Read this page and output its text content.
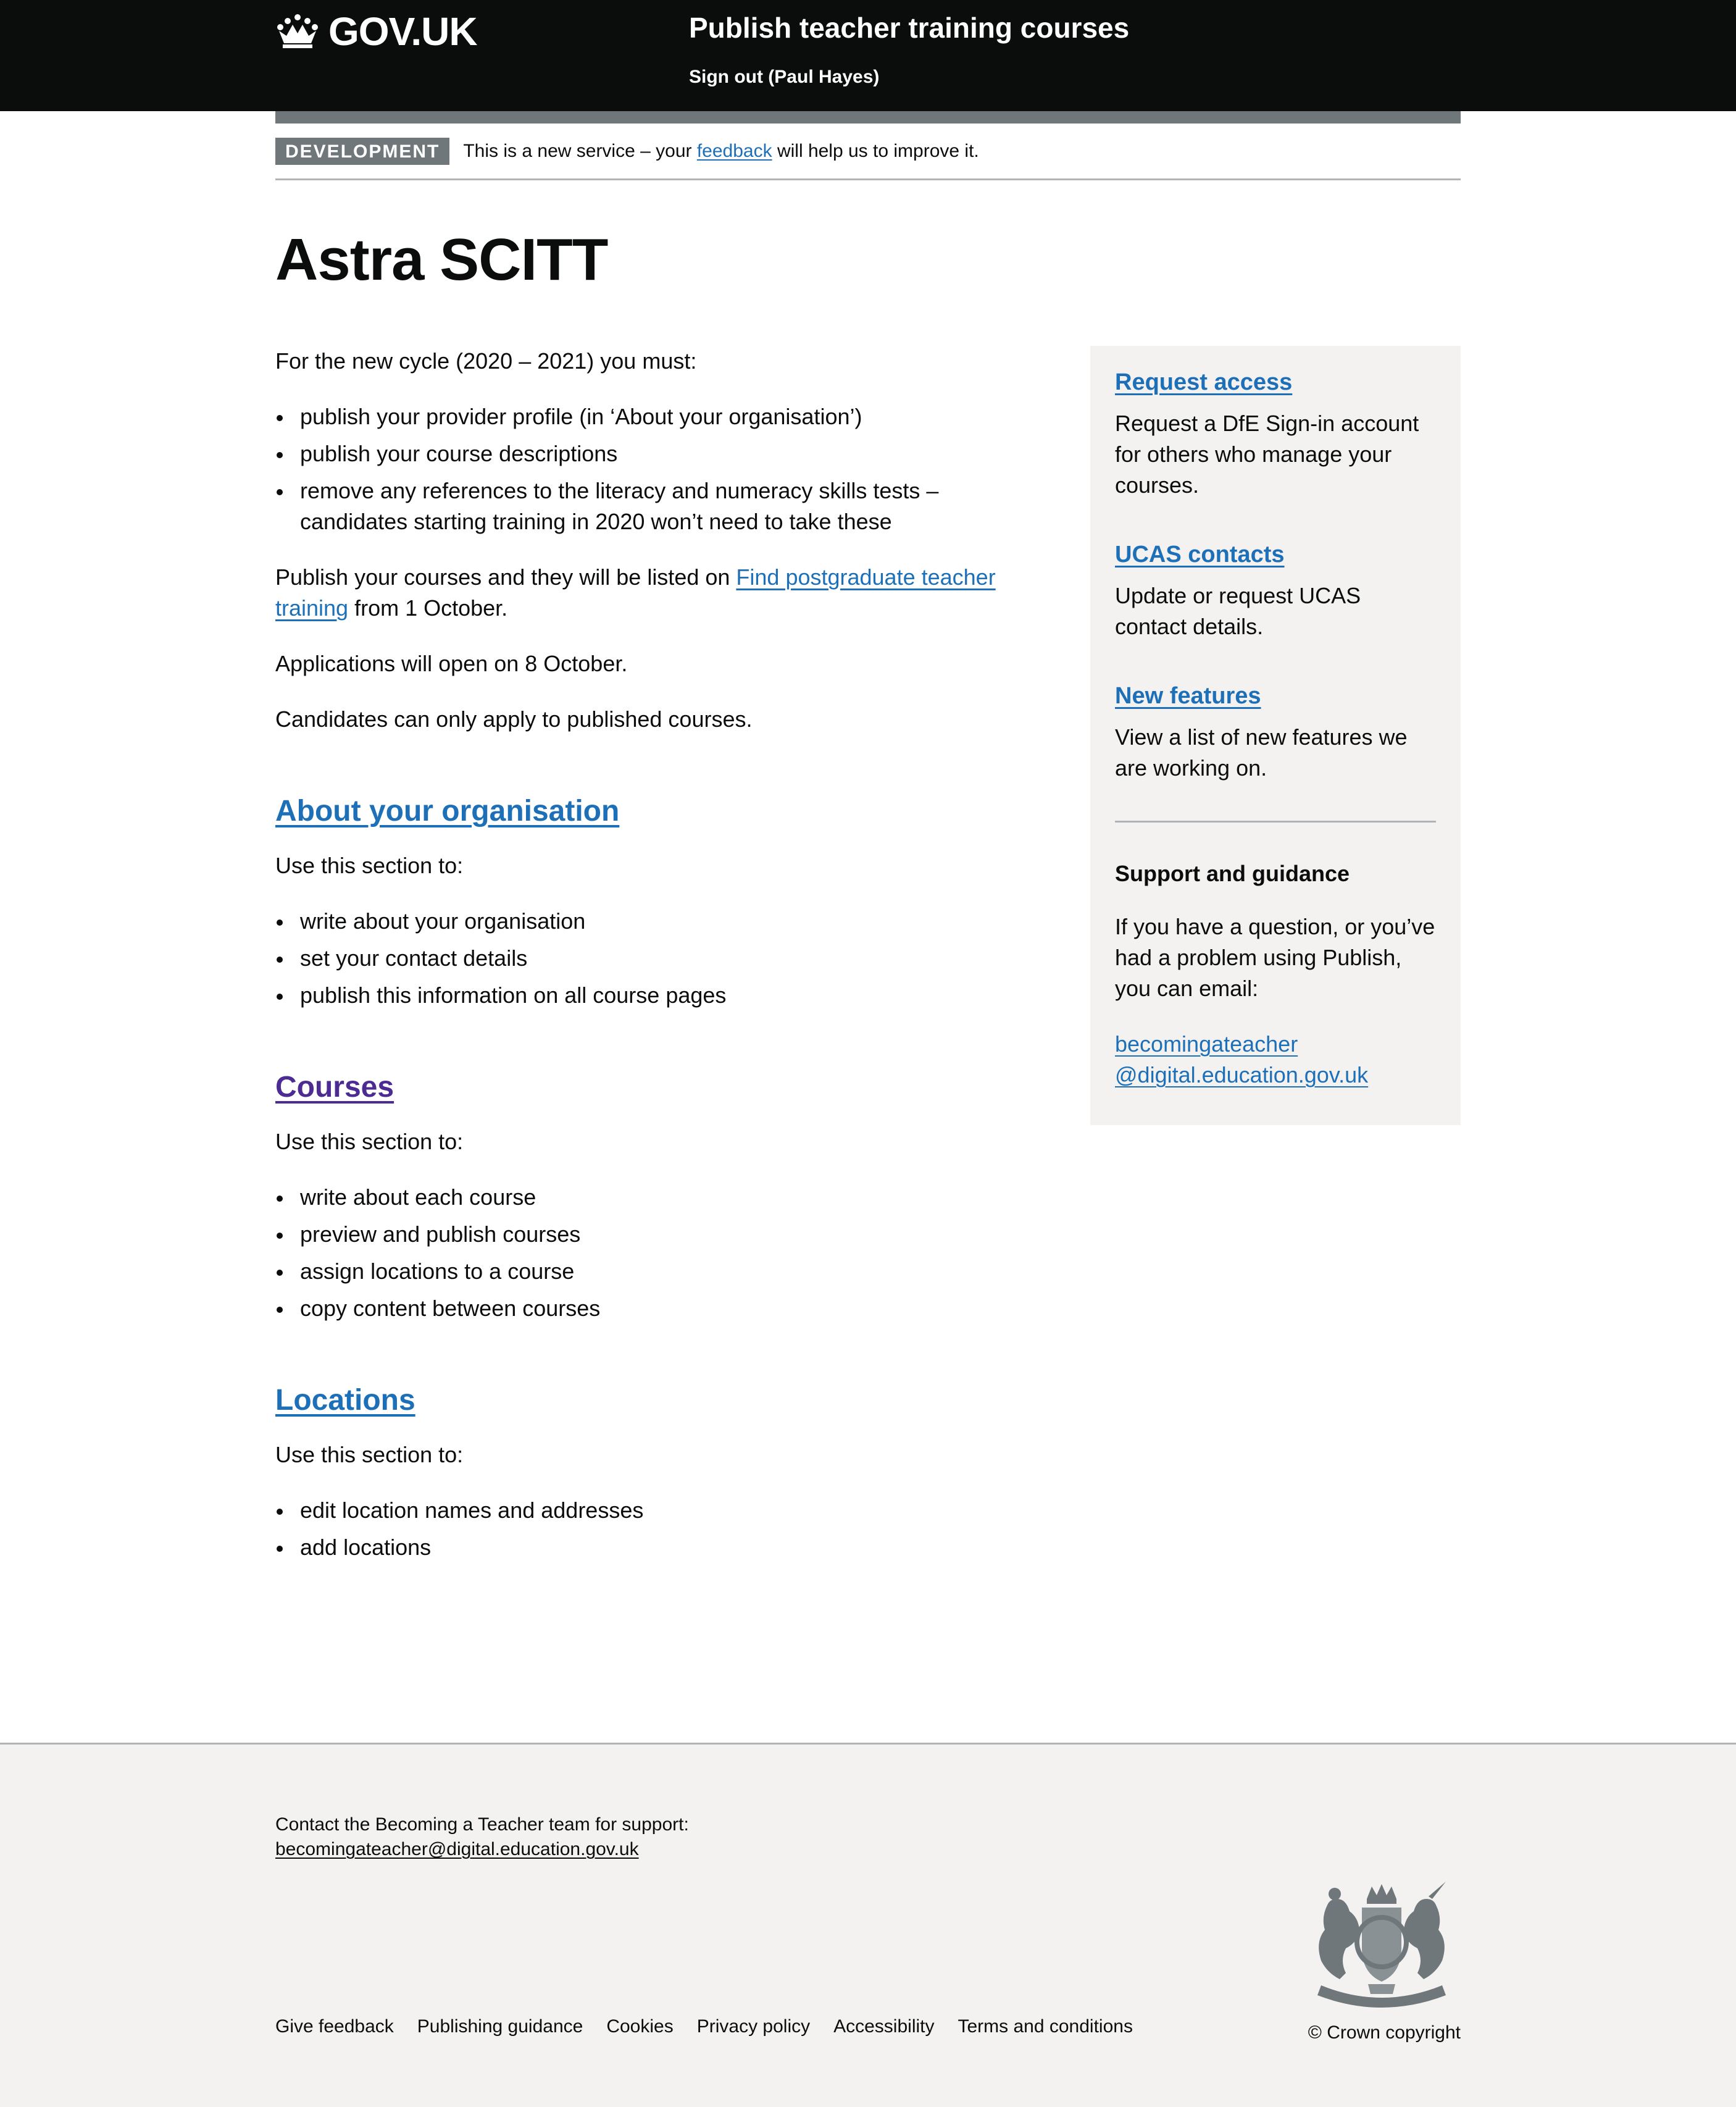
GOV.UK	Publish teacher training courses
Sign out (Paul Hayes)
DEVELOPMENT	This is a new service – your feedback will help us to improve it.
Astra SCITT

For the new cycle (2020 – 2021) you must:

publish your provider profile (in ‘About your organisation’)
publish your course descriptions
remove any references to the literacy and numeracy skills tests – candidates starting training in 2020 won’t need to take these

Publish your courses and they will be listed on Find postgraduate teacher training from 1 October.

Applications will open on 8 October.

Candidates can only apply to published courses.

About your organisation

Use this section to:

write about your organisation
set your contact details
publish this information on all course pages
Courses

Use this section to:

write about each course
preview and publish courses
assign locations to a course
copy content between courses
Locations

Use this section to:

edit location names and addresses
add locations
Request access

Request a DfE Sign-in account for others who manage your courses.

UCAS contacts

Update or request UCAS contact details.

New features

View a list of new features we are working on.

Support and guidance

If you have a question, or you’ve had a problem using Publish, you can email:

becomingateacher
@digital.education.gov.uk

Contact the Becoming a Teacher team for support:

becomingateacher@digital.education.gov.uk
Give feedback Publishing guidance Cookies Privacy policy Accessibility Terms and conditions	© Crown copyright
